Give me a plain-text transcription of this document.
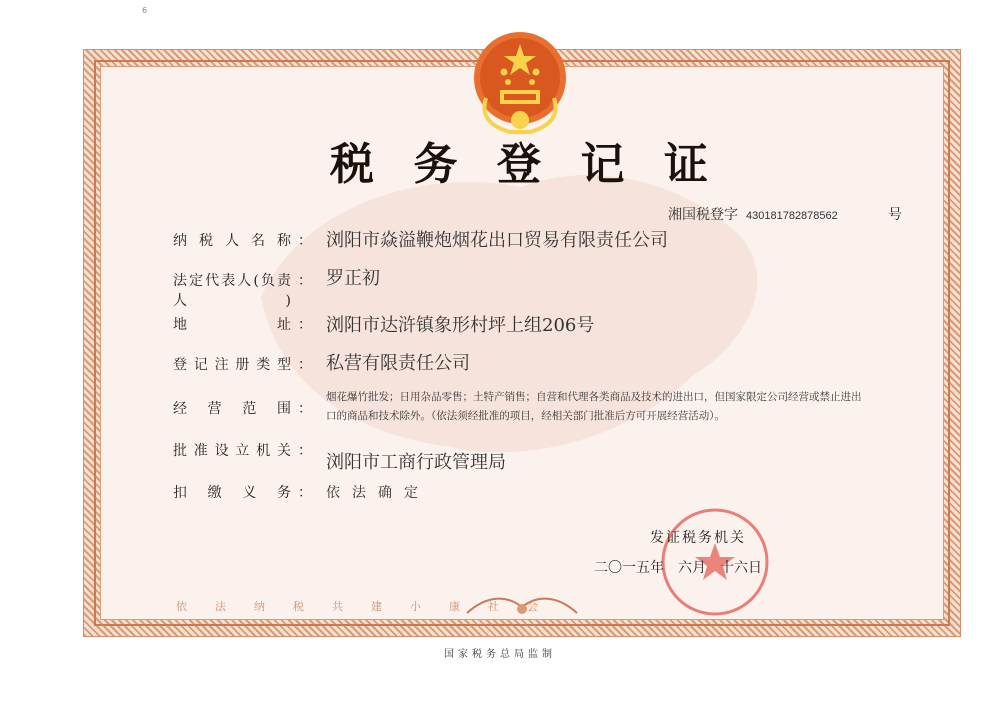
6
税 务 登 记 证
湘国税登字 430181782878562	号
纳税人名称 ： 浏阳市焱溢鞭炮烟花出口贸易有限责任公司
法定代表人(负责人)
： 罗正初
地址 ： 浏阳市达浒镇象形村坪上组206号
登记注册类型 ： 私营有限责任公司
经营范围 ：
烟花爆竹批发；日用杂品零售；土特产销售；自营和代理各类商品及技术的进出口，但国家限定公司经营或禁止进出口的商品和技术除外。（依法须经批准的项目，经相关部门批准后方可开展经营活动）。
批准设立机关 ：
浏阳市工商行政管理局
扣缴义务 ： 依法确定
发证税务机关
二〇一五年　六月　十六日
依法纳税共建小康社会
国家税务总局监制
